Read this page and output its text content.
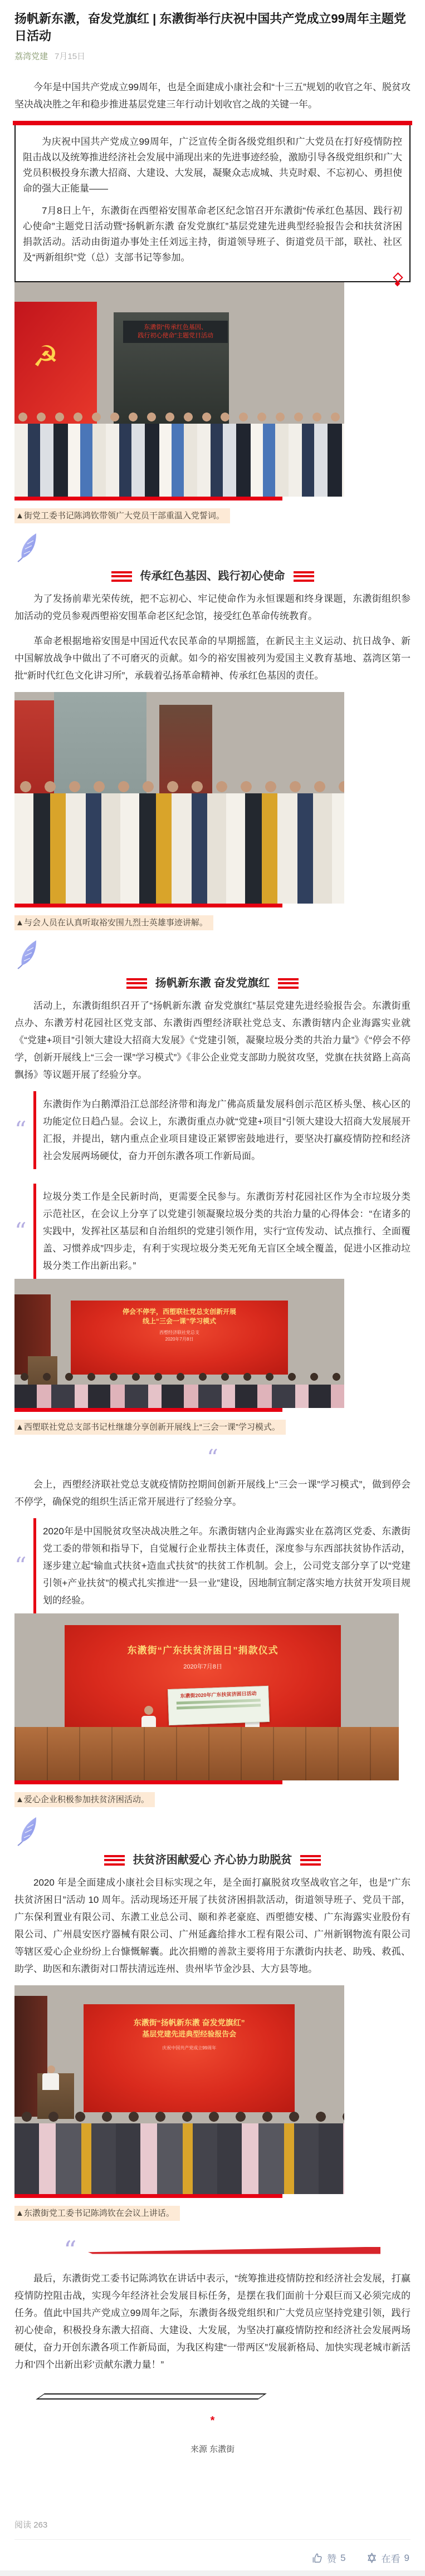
扬帆新东漖，奋发党旗红 | 东漖街举行庆祝中国共产党成立99周年主题党日活动
荔湾党建 7月15日

今年是中国共产党成立99周年，也是全面建成小康社会和“十三五”规划的收官之年、脱贫攻坚决战决胜之年和稳步推进基层党建三年行动计划收官之战的关键一年。

为庆祝中国共产党成立99周年，广泛宣传全街各级党组织和广大党员在打好疫情防控阻击战以及统筹推进经济社会发展中涌现出来的先进事迹经验，激励引导各级党组织和广大党员积极投身东漖大招商、大建设、大发展，凝聚众志成城、共克时艰、不忘初心、勇担使命的强大正能量——

7月8日上午，东漖街在西塱裕安围革命老区纪念馆召开东漖街“传承红色基因、践行初心使命”主题党日活动暨“扬帆新东漖 奋发党旗红”基层党建先进典型经验报告会和扶贫济困捐款活动。活动由街道办事处主任刘远主持，街道领导班子、街道党员干部，联社、社区及“两新组织”党（总）支部书记等参加。

☭
东漖街“传承红色基因、
践行初心使命”主题党日活动
▲街党工委书记陈鸿钦带领广大党员干部重温入党誓词。
传承红色基因、践行初心使命

为了发扬前辈光荣传统，把不忘初心、牢记使命作为永恒课题和终身课题，东漖街组织参加活动的党员参观西塱裕安围革命老区纪念馆，接受红色革命传统教育。

革命老根据地裕安围是中国近代农民革命的早期摇篮，在新民主主义运动、抗日战争、新中国解放战争中做出了不可磨灭的贡献。如今的裕安围被列为爱国主义教育基地、荔湾区第一批“新时代红色文化讲习所”，承载着弘扬革命精神、传承红色基因的责任。

▲与会人员在认真听取裕安围九烈士英雄事迹讲解。
扬帆新东漖 奋发党旗红

活动上，东漖街组织召开了“扬帆新东漖 奋发党旗红”基层党建先进经验报告会。东漖街重点办、东漖芳村花园社区党支部、东漖街西塱经济联社党总支、东漖街辖内企业海露实业就《“党建+项目”引领大建设大招商大发展》《“党建引领，凝聚垃圾分类的共治力量”》《“停会不停学，创新开展线上“三会一课”学习模式”》《非公企业党支部助力脱贫攻坚，党旗在扶贫路上高高飘扬》等议题开展了经验分享。

“
东漖街作为白鹅潭沿江总部经济带和海龙广佛高质量发展科创示范区桥头堡、核心区的功能定位日趋凸显。会议上，东漖街重点办就“党建+项目”引领大建设大招商大发展展开汇报，并提出，辖内重点企业项目建设正紧锣密鼓地进行，要坚决打赢疫情防控和经济社会发展两场硬仗，奋力开创东漖各项工作新局面。
“
垃圾分类工作是全民新时尚，更需要全民参与。东漖街芳村花园社区作为全市垃圾分类示范社区，在会议上分享了以党建引领凝聚垃圾分类的共治力量的心得体会：“在诸多的实践中，发挥社区基层和自治组织的党建引领作用，实行“宣传发动、试点推行、全面覆盖、习惯养成”四步走，有利于实现垃圾分类无死角无盲区全域全覆盖，促进小区推动垃圾分类工作出新出彩。”
停会不停学，西塱联社党总支创新开展
线上“三会一课”学习模式
西塱经济联社党总支
2020年7月8日
▲西塱联社党总支部书记杜继雄分享创新开展线上“三会一课”学习模式。
“

会上，西塱经济联社党总支就疫情防控期间创新开展线上“三会一课”学习模式”，做到停会不停学，确保党的组织生活正常开展进行了经验分享。

“
2020年是中国脱贫攻坚决战决胜之年。东漖街辖内企业海露实业在荔湾区党委、东漖街党工委的带领和指导下，自觉履行企业帮扶主体责任，深度参与东西部扶贫协作活动，逐步建立起“输血式扶贫+造血式扶贫”的扶贫工作机制。会上，公司党支部分享了以“党建引领+产业扶贫”的模式扎实推进“一县一业”建设，因地制宜制定落实地方扶贫开发项目规划的经验。
东漖街“广东扶贫济困日”捐款仪式
2020年7月8日
东漖街2020年广东扶贫济困日活动
▲爱心企业积极参加扶贫济困活动。
扶贫济困献爱心 齐心协力助脱贫

2020 年是全面建成小康社会目标实现之年，是全面打赢脱贫攻坚战收官之年，也是“广东扶贫济困日”活动 10 周年。活动现场还开展了扶贫济困捐款活动，街道领导班子、党员干部，广东保利置业有限公司、东漖工业总公司、颐和养老豪庭、西塱德安楼、广东海露实业股份有限公司、广州晨安医疗器械有限公司、广州延鑫给排水工程有限公司、广州新钢物流有限公司等辖区爱心企业纷纷上台慷慨解囊。此次捐赠的善款主要将用于东漖街内扶老、助残、救孤、助学、助医和东漖街对口帮扶清远连州、贵州毕节金沙县、大方县等地。

东漖街“扬帆新东漖 奋发党旗红”
基层党建先进典型经验报告会
庆祝中国共产党成立99周年
▲东漖街党工委书记陈鸿钦在会议上讲话。
“

最后，东漖街党工委书记陈鸿钦在讲话中表示，“统筹推进疫情防控和经济社会发展，打赢疫情防控阻击战，实现今年经济社会发展目标任务，是摆在我们面前十分艰巨而又必须完成的任务。值此中国共产党成立99周年之际，东漖街各级党组织和广大党员应坚持党建引领，践行初心使命，积极投身东漖大招商、大建设、大发展，为坚决打赢疫情防控和经济社会发展两场硬仗，奋力开创东漖各项工作新局面，为我区构建“一带两区”发展新格局、加快实现老城市新活力和‘四个出新出彩’贡献东漖力量！”

*
来源 东漖街
阅读 263
赞 5	在看 9
